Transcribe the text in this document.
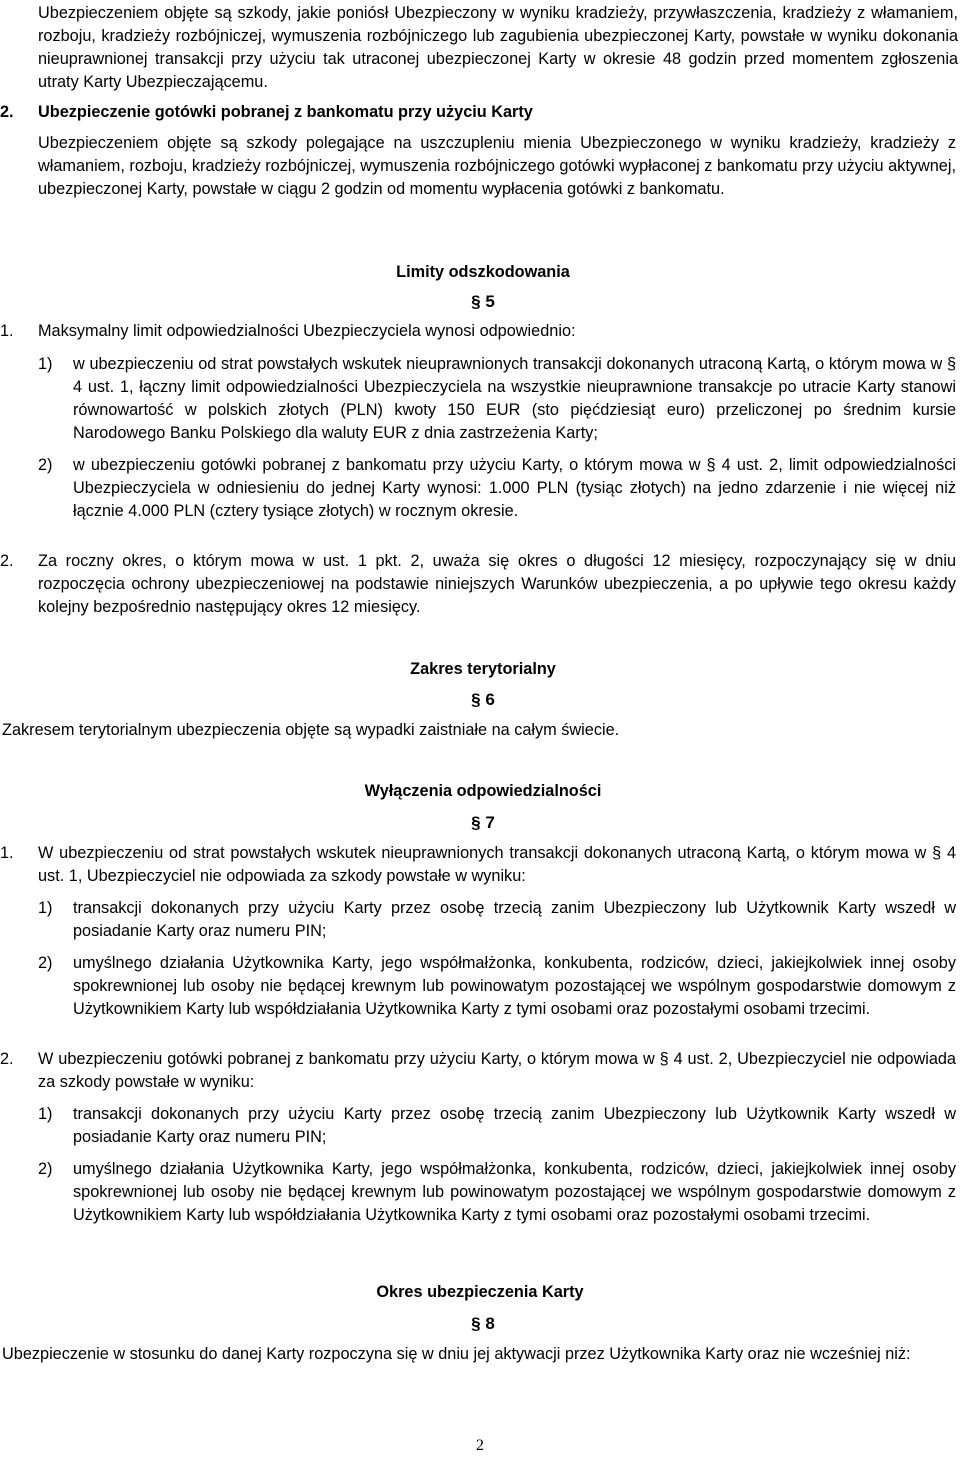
Ubezpieczeniem objęte są szkody, jakie poniósł Ubezpieczony w wyniku kradzieży, przywłaszczenia, kradzieży z włamaniem, rozboju, kradzieży rozbójniczej, wymuszenia rozbójniczego lub zagubienia ubezpieczonej Karty, powstałe w wyniku dokonania nieuprawnionej transakcji przy użyciu tak utraconej ubezpieczonej Karty w okresie 48 godzin przed momentem zgłoszenia utraty Karty Ubezpieczającemu.

2. Ubezpieczenie gotówki pobranej z bankomatu przy użyciu Karty

Ubezpieczeniem objęte są szkody polegające na uszczupleniu mienia Ubezpieczonego w wyniku kradzieży, kradzieży z włamaniem, rozboju, kradzieży rozbójniczej, wymuszenia rozbójniczego gotówki wypłaconej z bankomatu przy użyciu aktywnej, ubezpieczonej Karty, powstałe w ciągu 2 godzin od momentu wypłacenia gotówki z bankomatu.

Limity odszkodowania

§ 5

1. Maksymalny limit odpowiedzialności Ubezpieczyciela wynosi odpowiednio:

1) w ubezpieczeniu od strat powstałych wskutek nieuprawnionych transakcji dokonanych utraconą Kartą, o którym mowa w § 4 ust. 1, łączny limit odpowiedzialności Ubezpieczyciela na wszystkie nieuprawnione transakcje po utracie Karty stanowi równowartość w polskich złotych (PLN) kwoty 150 EUR (sto pięćdziesiąt euro) przeliczonej po średnim kursie Narodowego Banku Polskiego dla waluty EUR z dnia zastrzeżenia Karty;

2) w ubezpieczeniu gotówki pobranej z bankomatu przy użyciu Karty, o którym mowa w § 4 ust. 2, limit odpowiedzialności Ubezpieczyciela w odniesieniu do jednej Karty wynosi: 1.000 PLN (tysiąc złotych) na jedno zdarzenie i nie więcej niż łącznie 4.000 PLN (cztery tysiące złotych) w rocznym okresie.

2. Za roczny okres, o którym mowa w ust. 1 pkt. 2, uważa się okres o długości 12 miesięcy, rozpoczynający się w dniu rozpoczęcia ochrony ubezpieczeniowej na podstawie niniejszych Warunków ubezpieczenia, a po upływie tego okresu każdy kolejny bezpośrednio następujący okres 12 miesięcy.

Zakres terytorialny

§ 6

Zakresem terytorialnym ubezpieczenia objęte są wypadki zaistniałe na całym świecie.

Wyłączenia odpowiedzialności

§ 7

1. W ubezpieczeniu od strat powstałych wskutek nieuprawnionych transakcji dokonanych utraconą Kartą, o którym mowa w § 4 ust. 1, Ubezpieczyciel nie odpowiada za szkody powstałe w wyniku:

1) transakcji dokonanych przy użyciu Karty przez osobę trzecią zanim Ubezpieczony lub Użytkownik Karty wszedł w posiadanie Karty oraz numeru PIN;

2) umyślnego działania Użytkownika Karty, jego współmałżonka, konkubenta, rodziców, dzieci, jakiejkolwiek innej osoby spokrewnionej lub osoby nie będącej krewnym lub powinowatym pozostającej we wspólnym gospodarstwie domowym z Użytkownikiem Karty lub współdziałania Użytkownika Karty z tymi osobami oraz pozostałymi osobami trzecimi.

2. W ubezpieczeniu gotówki pobranej z bankomatu przy użyciu Karty, o którym mowa w § 4 ust. 2, Ubezpieczyciel nie odpowiada za szkody powstałe w wyniku:

1) transakcji dokonanych przy użyciu Karty przez osobę trzecią zanim Ubezpieczony lub Użytkownik Karty wszedł w posiadanie Karty oraz numeru PIN;

2) umyślnego działania Użytkownika Karty, jego współmałżonka, konkubenta, rodziców, dzieci, jakiejkolwiek innej osoby spokrewnionej lub osoby nie będącej krewnym lub powinowatym pozostającej we wspólnym gospodarstwie domowym z Użytkownikiem Karty lub współdziałania Użytkownika Karty z tymi osobami oraz pozostałymi osobami trzecimi.

Okres ubezpieczenia Karty

§ 8

Ubezpieczenie w stosunku do danej Karty rozpoczyna się w dniu jej aktywacji przez Użytkownika Karty oraz nie wcześniej niż:

2
